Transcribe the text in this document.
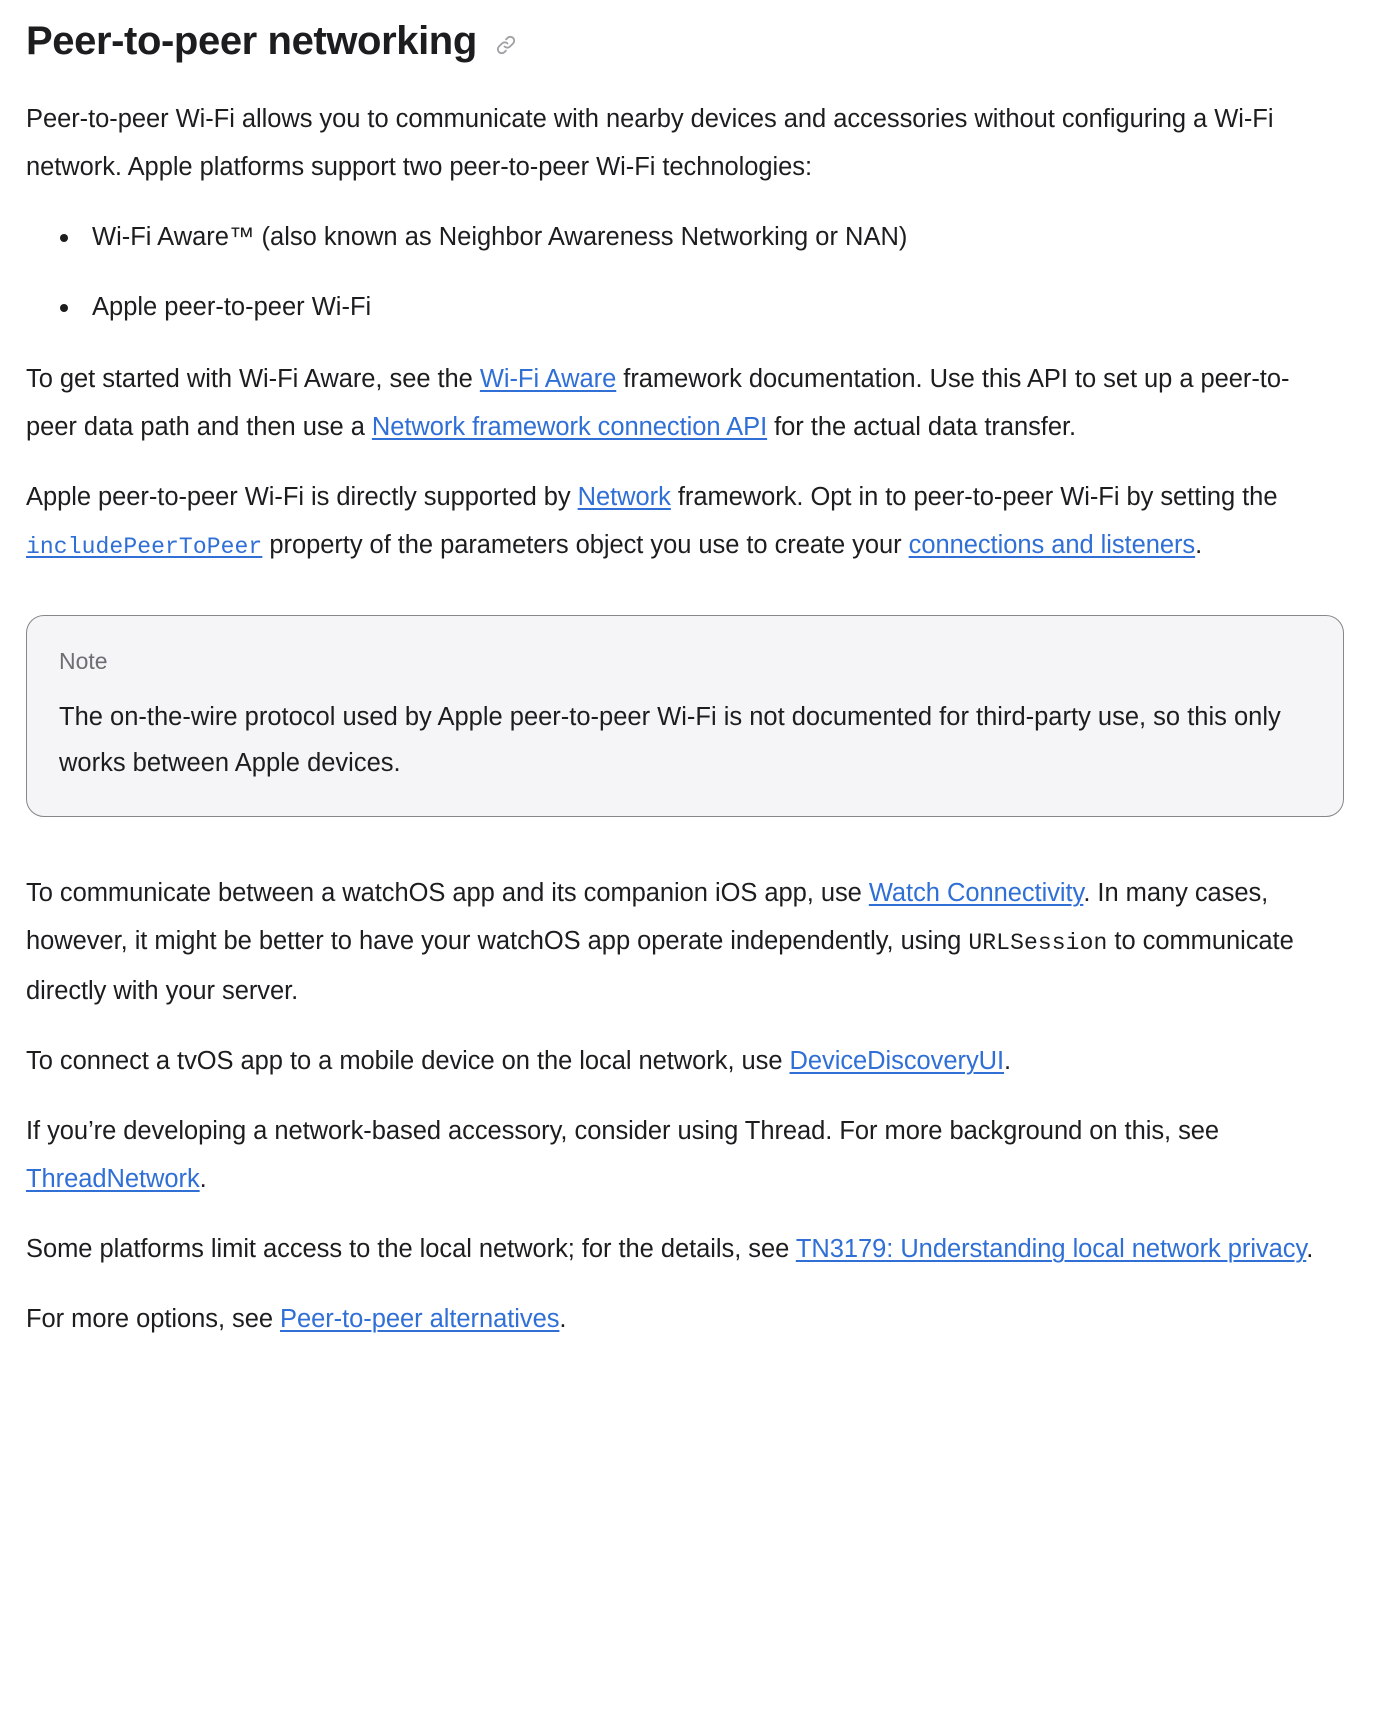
Peer-to-peer networking

Peer-to-peer Wi-Fi allows you to communicate with nearby devices and accessories without configuring a Wi-Fi network. Apple platforms support two peer-to-peer Wi-Fi technologies:

Wi-Fi Aware™ (also known as Neighbor Awareness Networking or NAN)
Apple peer-to-peer Wi-Fi

To get started with Wi-Fi Aware, see the Wi-Fi Aware framework documentation. Use this API to set up a peer-to-peer data path and then use a Network framework connection API for the actual data transfer.

Apple peer-to-peer Wi-Fi is directly supported by Network framework. Opt in to peer-to-peer Wi-Fi by setting the includePeerToPeer property of the parameters object you use to create your connections and listeners.

Note

The on-the-wire protocol used by Apple peer-to-peer Wi-Fi is not documented for third-party use, so this only works between Apple devices.

To communicate between a watchOS app and its companion iOS app, use Watch Connectivity. In many cases, however, it might be better to have your watchOS app operate independently, using URLSession to communicate directly with your server.

To connect a tvOS app to a mobile device on the local network, use DeviceDiscoveryUI.

If you’re developing a network-based accessory, consider using Thread. For more background on this, see ThreadNetwork.

Some platforms limit access to the local network; for the details, see TN3179: Understanding local network privacy.

For more options, see Peer-to-peer alternatives.
